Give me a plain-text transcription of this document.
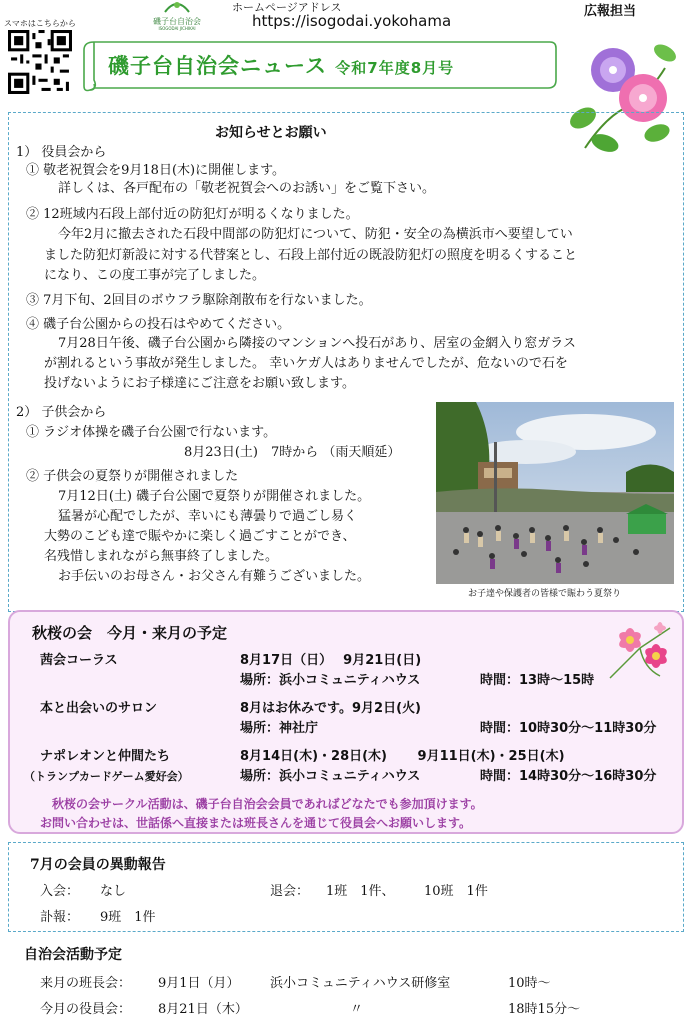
スマホはこちらから	磯子台自治会
ISOGODAI JICHIKAI
ホームページアドレス
https://isogodai.yokohama
広報担当
磯子台自治会ニュース 令和7年度8月号
お知らせとお願い
1） 役員会から
① 敬老祝賀会を9月18日(木)に開催します。
詳しくは、各戸配布の「敬老祝賀会へのお誘い」をご覧下さい。
② 12班域内石段上部付近の防犯灯が明るくなりました。
今年2月に撤去された石段中間部の防犯灯について、防犯・安全の為横浜市へ要望してい
ました防犯灯新設に対する代替案とし、石段上部付近の既設防犯灯の照度を明るくすること
になり、この度工事が完了しました。
③ 7月下旬、2回目のボウフラ駆除剤散布を行ないました。
④ 磯子台公園からの投石はやめてください。
7月28日午後、磯子台公園から隣接のマンションへ投石があり、居室の金網入り窓ガラス
が割れるという事故が発生しました。 幸いケガ人はありませんでしたが、危ないので石を
投げないようにお子様達にご注意をお願い致します。
2） 子供会から
① ラジオ体操を磯子台公園で行ないます。
8月23日(土)　7時から （雨天順延）
② 子供会の夏祭りが開催されました
7月12日(土) 磯子台公園で夏祭りが開催されました。
猛暑が心配でしたが、幸いにも薄曇りで過ごし易く
大勢のこども達で賑やかに楽しく過ごすことができ、
名残惜しまれながら無事終了しました。
お手伝いのお母さん・お父さん有難うございました。
お子達や保護者の皆様で賑わう夏祭り
秋桜の会　今月・来月の予定
茜会コーラス	8月17日（日）　 9月21日(日)
場所：浜小コミュニティハウス	時間：13時～15時
本と出会いのサロン	8月はお休みです。9月2日(火)
場所：神社庁	時間：10時30分～11時30分
ナポレオンと仲間たち
（トランプカードゲーム愛好会）
8月14日(木)・28日(木)　　 9月11日(木)・25日(木)
場所：浜小コミュニティハウス	時間：14時30分～16時30分
秋桜の会サークル活動は、磯子台自治会会員であればどなたでも参加頂けます。
お問い合わせは、世話係へ直接または班長さんを通じて役員会へお願いします。
7月の会員の異動報告
入会： なし	退会： 1班　1件、 10班　1件
訃報： 9班　1件
自治会活動予定
来月の班長会： 9月1日（月） 浜小コミュニティハウス研修室	10時～
今月の役員会： 8月21日（木）	〃	18時15分～
